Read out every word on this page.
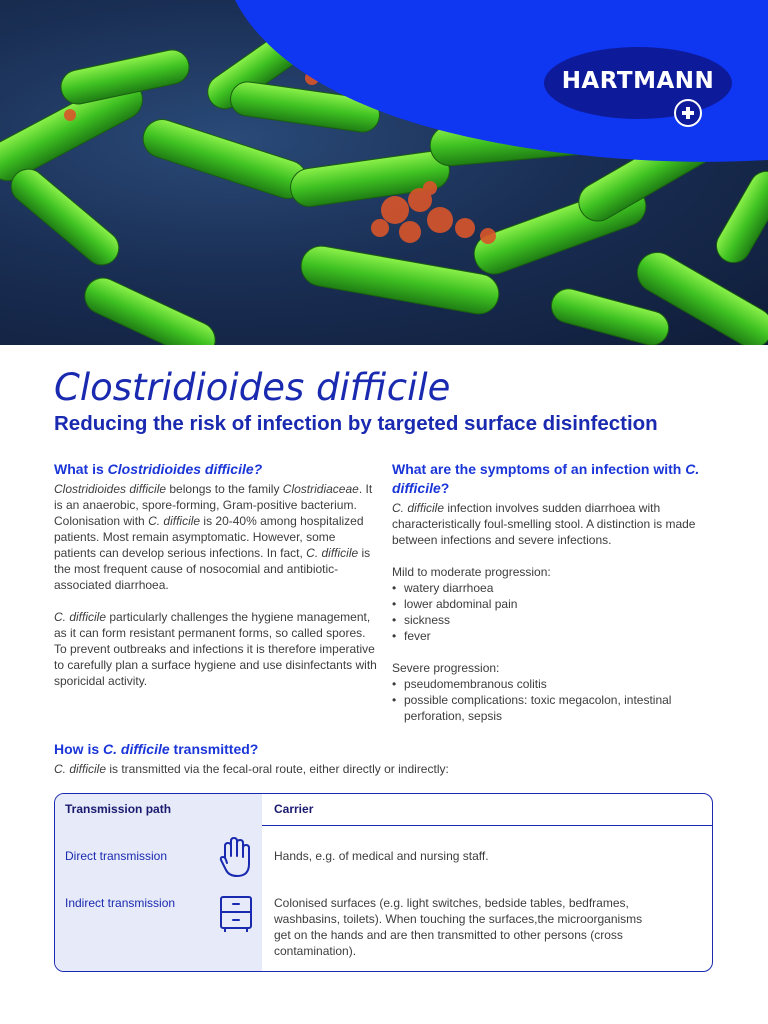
HARTMANN
Clostridioides difficile
Reducing the risk of infection by targeted surface disinfection
What is Clostridioides difficile?

Clostridioides difficile belongs to the family Clostridiaceae. It is an anaerobic, spore-forming, Gram-positive bacterium. Colonisation with C. difficile is 20-40% among hospitalized patients. Most remain asymptomatic. However, some patients can develop serious infections. In fact, C. difficile is the most frequent cause of nosocomial and antibiotic-associated diarrhoea.

C. difficile particularly challenges the hygiene management, as it can form resistant permanent forms, so called spores. To prevent outbreaks and infections it is therefore imperative to carefully plan a surface hygiene and use disinfectants with sporicidal activity.

What are the symptoms of an infection with C. difficile?

C. difficile infection involves sudden diarrhoea with characteristically foul-smelling stool. A distinction is made between infections and severe infections.

Mild to moderate progression:
• watery diarrhoea
• lower abdominal pain
• sickness
• fever
Severe progression:
• pseudomembranous colitis
• possible complications: toxic megacolon, intestinal perforation, sepsis
How is C. difficile transmitted?

C. difficile is transmitted via the fecal-oral route, either directly or indirectly:

Transmission path	Carrier
Direct transmission	Hands, e.g. of medical and nursing staff.
Indirect transmission	Colonised surfaces (e.g. light switches, bedside tables, bedframes, washbasins, toilets). When touching the surfaces,the microorganisms get on the hands and are then transmitted to other persons (cross contamination).
